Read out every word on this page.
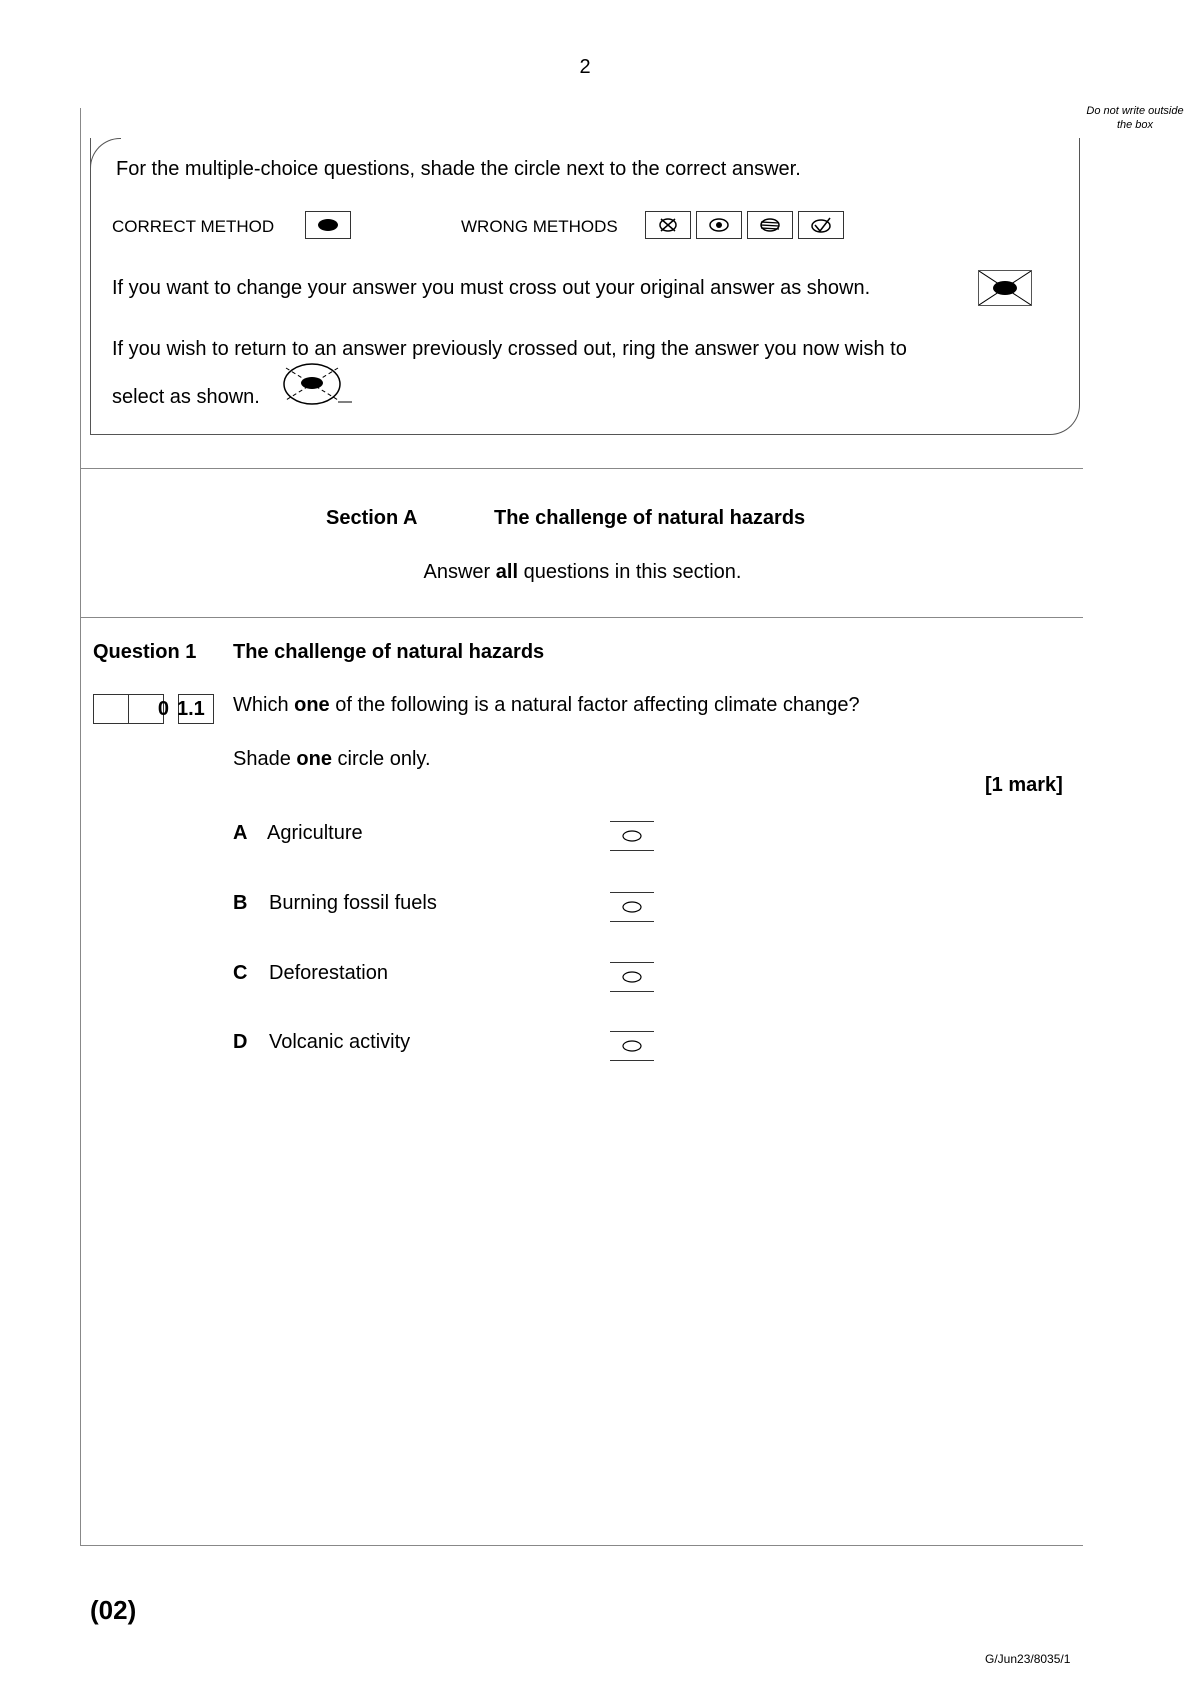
2
Do not write outside the box
For the multiple-choice questions, shade the circle next to the correct answer.
CORRECT METHOD	WRONG METHODS
If you want to change your answer you must cross out your original answer as shown.
If you wish to return to an answer previously crossed out, ring the answer you now wish to
select as shown.
Section A	The challenge of natural hazards
Answer all questions in this section.
Question 1 The challenge of natural hazards
0 1 .1 Which one of the following is a natural factor affecting climate change?
Shade one circle only.
[1 mark]
A Agriculture
B Burning fossil fuels
C Deforestation
D Volcanic activity
(02)
G/Jun23/8035/1
